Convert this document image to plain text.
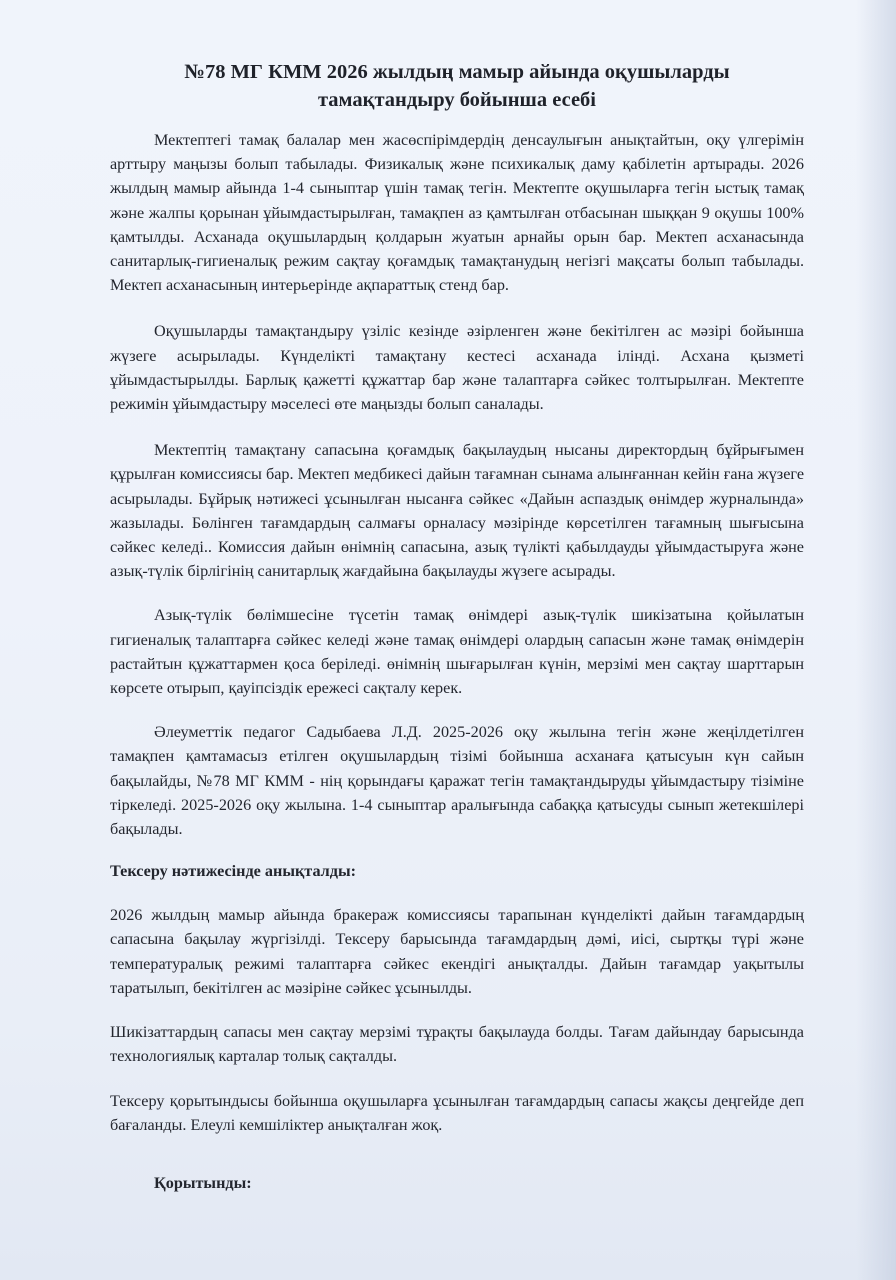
№78 МГ КММ 2026 жылдың мамыр айында оқушыларды
тамақтандыру бойынша есебі

Мектептегі тамақ балалар мен жасөспірімдердің денсаулығын анықтайтын, оқу үлгерімін арттыру маңызы болып табылады. Физикалық және психикалық даму қабілетін артырады. 2026 жылдың мамыр айында 1-4 сыныптар үшін тамақ тегін. Мектепте оқушыларға тегін ыстық тамақ және жалпы қорынан ұйымдастырылған, тамақпен аз қамтылған отбасынан шыққан 9 оқушы 100% қамтылды. Асханада оқушылардың қолдарын жуатын арнайы орын бар. Мектеп асханасында санитарлық-гигиеналық режим сақтау қоғамдық тамақтанудың негізгі мақсаты болып табылады. Мектеп асханасының интерьерінде ақпараттық стенд бар.

Оқушыларды тамақтандыру үзіліс кезінде әзірленген және бекітілген ас мәзірі бойынша жүзеге асырылады. Күнделікті тамақтану кестесі асханада ілінді. Асхана қызметі ұйымдастырылды. Барлық қажетті құжаттар бар және талаптарға сәйкес толтырылған. Мектепте режимін ұйымдастыру мәселесі өте маңызды болып саналады.

Мектептің тамақтану сапасына қоғамдық бақылаудың нысаны директордың бұйрығымен құрылған комиссиясы бар. Мектеп медбикесі дайын тағамнан сынама алынғаннан кейін ғана жүзеге асырылады. Бұйрық нәтижесі ұсынылған нысанға сәйкес «Дайын аспаздық өнімдер журналында» жазылады. Бөлінген тағамдардың салмағы орналасу мәзірінде көрсетілген тағамның шығысына сәйкес келеді.. Комиссия дайын өнімнің сапасына, азық түлікті қабылдауды ұйымдастыруға және азық-түлік бірлігінің санитарлық жағдайына бақылауды жүзеге асырады.

Азық-түлік бөлімшесіне түсетін тамақ өнімдері азық-түлік шикізатына қойылатын гигиеналық талаптарға сәйкес келеді және тамақ өнімдері олардың сапасын және тамақ өнімдерін растайтын құжаттармен қоса беріледі. өнімнің шығарылған күнін, мерзімі мен сақтау шарттарын көрсете отырып, қауіпсіздік ережесі сақталу керек.

Әлеуметтік педагог Садыбаева Л.Д. 2025-2026 оқу жылына тегін және жеңілдетілген тамақпен қамтамасыз етілген оқушылардың тізімі бойынша асханаға қатысуын күн сайын бақылайды, №78 МГ КММ - нің қорындағы қаражат тегін тамақтандыруды ұйымдастыру тізіміне тіркеледі. 2025-2026 оқу жылына. 1-4 сыныптар аралығында сабаққа қатысуды сынып жетекшілері бақылады.

Тексеру нәтижесінде анықталды:

2026 жылдың мамыр айында бракераж комиссиясы тарапынан күнделікті дайын тағамдардың сапасына бақылау жүргізілді. Тексеру барысында тағамдардың дәмі, иісі, сыртқы түрі және температуралық режимі талаптарға сәйкес екендігі анықталды. Дайын тағамдар уақытылы таратылып, бекітілген ас мәзіріне сәйкес ұсынылды.

Шикізаттардың сапасы мен сақтау мерзімі тұрақты бақылауда болды. Тағам дайындау барысында технологиялық карталар толық сақталды.

Тексеру қорытындысы бойынша оқушыларға ұсынылған тағамдардың сапасы жақсы деңгейде деп бағаланды. Елеулі кемшіліктер анықталған жоқ.

Қорытынды:
